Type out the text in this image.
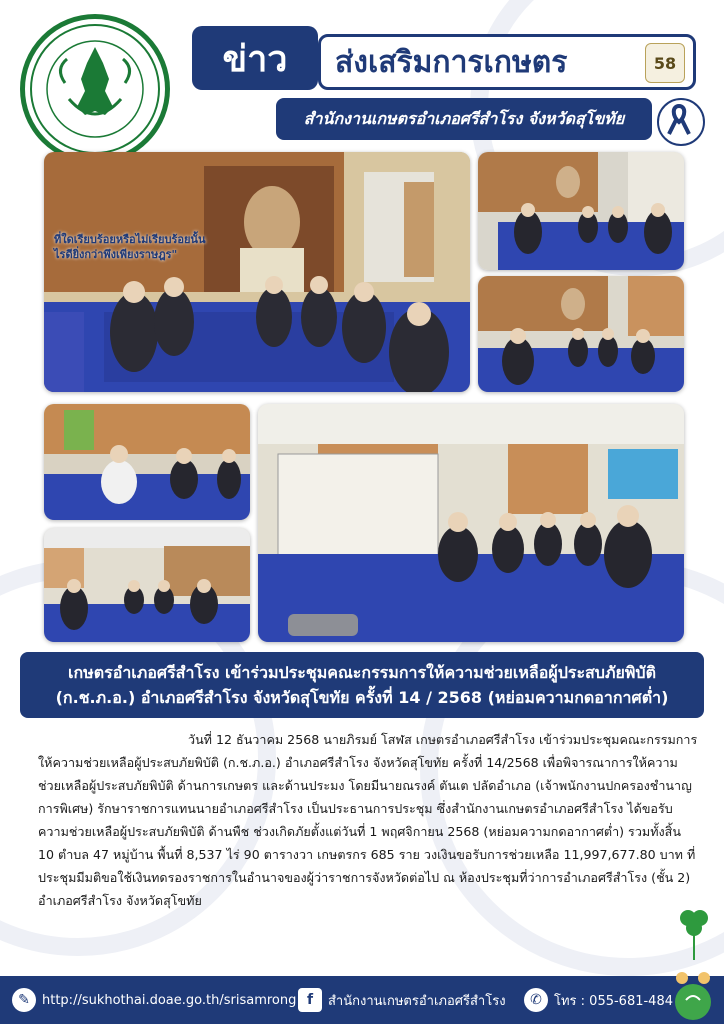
ข่าว ส่งเสริมการเกษตร	58
สำนักงานเกษตรอำเภอศรีสำโรง จังหวัดสุโขทัย
ที่ใดเรียบร้อยหรือไม่เรียบร้อยนั้น
ไรดียิ่งกว่าพึงเพียงราษฎร"
เกษตรอำเภอศรีสำโรง เข้าร่วมประชุมคณะกรรมการให้ความช่วยเหลือผู้ประสบภัยพิบัติ
(ก.ช.ภ.อ.) อำเภอศรีสำโรง จังหวัดสุโขทัย ครั้งที่ 14 / 2568 (หย่อมความกดอากาศต่ำ)

วันที่ 12 ธันวาคม 2568 นายภิรมย์ โสฬส เกษตรอำเภอศรีสำโรง เข้าร่วมประชุมคณะกรรมการให้ความช่วยเหลือผู้ประสบภัยพิบัติ (ก.ช.ภ.อ.) อำเภอศรีสำโรง จังหวัดสุโขทัย ครั้งที่ 14/2568 เพื่อพิจารณาการให้ความช่วยเหลือผู้ประสบภัยพิบัติ ด้านการเกษตร และด้านประมง โดยมีนายณรงค์ ตันเต ปลัดอำเภอ (เจ้าพนักงานปกครองชำนาญการพิเศษ) รักษาราชการแทนนายอำเภอศรีสำโรง เป็นประธานการประชุม ซึ่งสำนักงานเกษตรอำเภอศรีสำโรง ได้ขอรับความช่วยเหลือผู้ประสบภัยพิบัติ ด้านพืช ช่วงเกิดภัยตั้งแต่วันที่ 1 พฤศจิกายน 2568 (หย่อมความกดอากาศต่ำ) รวมทั้งสิ้น 10 ตำบล 47 หมู่บ้าน พื้นที่ 8,537 ไร่ 90 ตารางวา เกษตรกร 685 ราย วงเงินขอรับการช่วยเหลือ 11,997,677.80 บาท ที่ประชุมมีมติขอใช้เงินทดรองราชการในอำนาจของผู้ว่าราชการจังหวัดต่อไป ณ ห้องประชุมที่ว่าการอำเภอศรีสำโรง (ชั้น 2) อำเภอศรีสำโรง จังหวัดสุโขทัย

✎ http://sukhothai.doae.go.th/srisamrong f	สำนักงานเกษตรอำเภอศรีสำโรง	✆ โทร : 055-681-484
